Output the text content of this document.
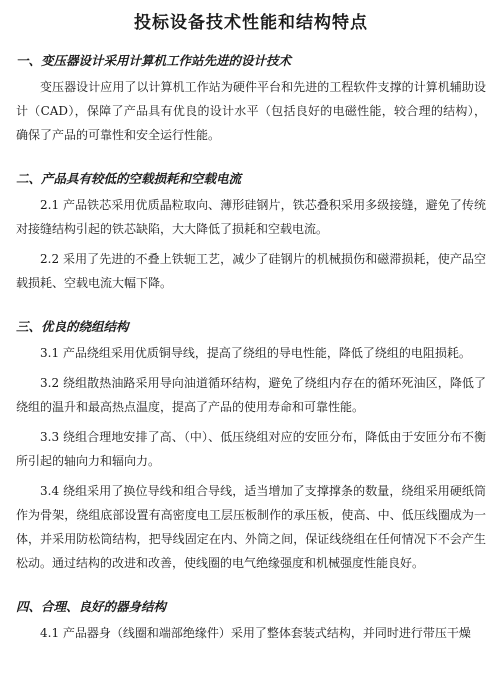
投标设备技术性能和结构特点
一、变压器设计采用计算机工作站先进的设计技术

变压器设计应用了以计算机工作站为硬件平台和先进的工程软件支撑的计算机辅助设计（CAD），保障了产品具有优良的设计水平（包括良好的电磁性能，较合理的结构），确保了产品的可靠性和安全运行性能。

二、产品具有较低的空载损耗和空载电流

2.1 产品铁芯采用优质晶粒取向、薄形硅钢片，铁芯叠积采用多级接缝，避免了传统对接缝结构引起的铁芯缺陷，大大降低了损耗和空载电流。

2.2 采用了先进的不叠上铁轭工艺，减少了硅钢片的机械损伤和磁滞损耗，使产品空载损耗、空载电流大幅下降。

三、优良的绕组结构

3.1 产品绕组采用优质铜导线，提高了绕组的导电性能，降低了绕组的电阻损耗。

3.2 绕组散热油路采用导向油道循环结构，避免了绕组内存在的循环死油区，降低了绕组的温升和最高热点温度，提高了产品的使用寿命和可靠性能。

3.3 绕组合理地安排了高、（中）、低压绕组对应的安匝分布，降低由于安匝分布不衡所引起的轴向力和辐向力。

3.4 绕组采用了换位导线和组合导线，适当增加了支撑撑条的数量，绕组采用硬纸筒作为骨架，绕组底部设置有高密度电工层压板制作的承压板，使高、中、低压线圈成为一体，并采用防松筒结构，把导线固定在内、外筒之间，保证线绕组在任何情况下不会产生松动。通过结构的改进和改善，使线圈的电气绝缘强度和机械强度性能良好。

四、合理、良好的器身结构

4.1 产品器身（线圈和端部绝缘件）采用了整体套装式结构，并同时进行带压干燥
